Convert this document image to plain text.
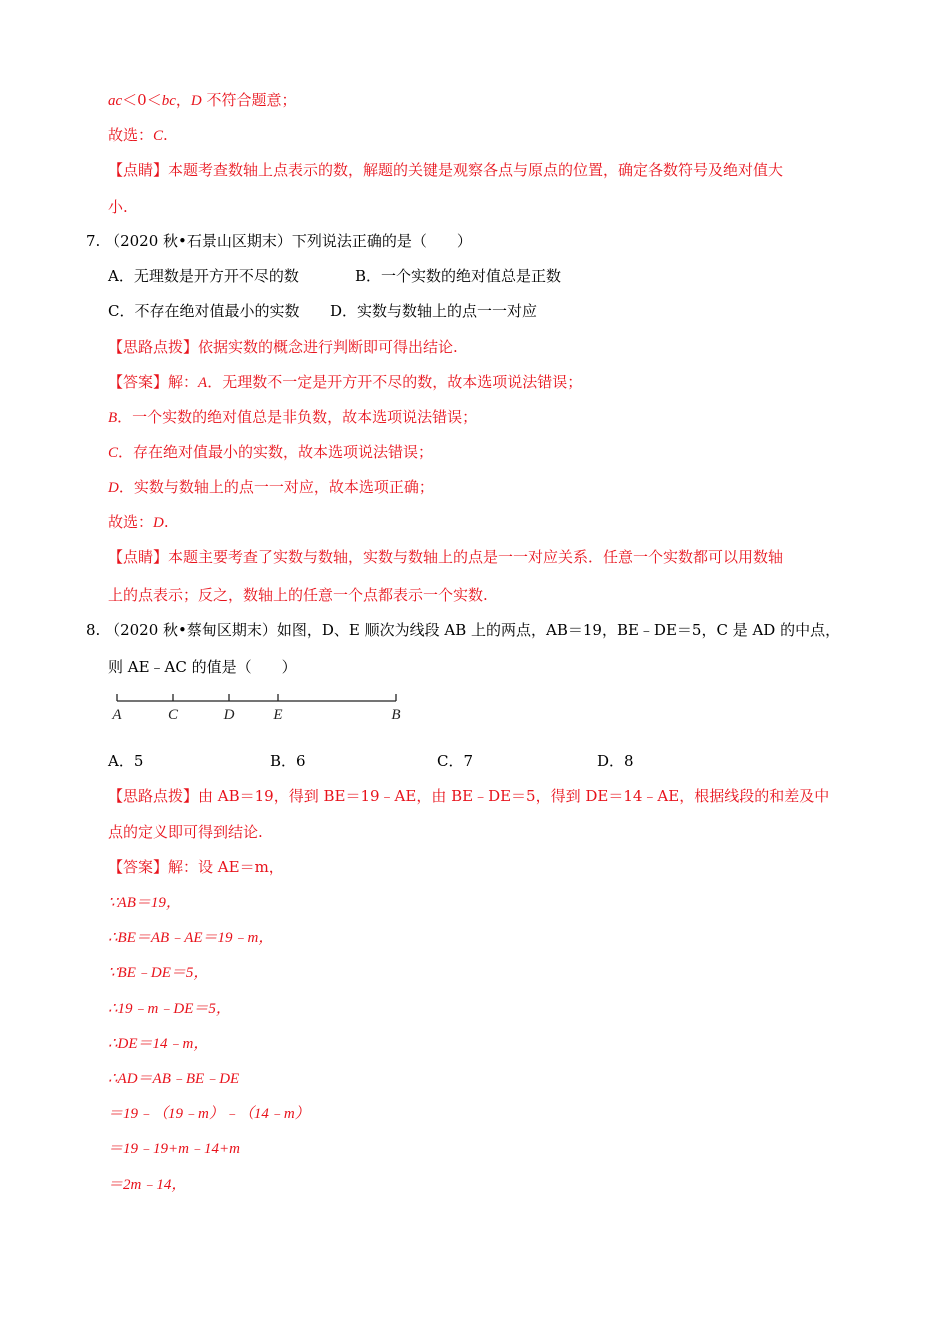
ac＜0＜bc，D 不符合题意；
故选：C.
【点睛】本题考查数轴上点表示的数，解题的关键是观察各点与原点的位置，确定各数符号及绝对值大
小.
7. （2020 秋•石景山区期末）下列说法正确的是（　　）
A．无理数是开方开不尽的数	B．一个实数的绝对值总是正数
C．不存在绝对值最小的实数 D．实数与数轴上的点一一对应
【思路点拨】依据实数的概念进行判断即可得出结论.
【答案】解：A．无理数不一定是开方开不尽的数，故本选项说法错误；
B．一个实数的绝对值总是非负数，故本选项说法错误；
C．存在绝对值最小的实数，故本选项说法错误；
D．实数与数轴上的点一一对应，故本选项正确；
故选：D.
【点睛】本题主要考查了实数与数轴，实数与数轴上的点是一一对应关系．任意一个实数都可以用数轴
上的点表示；反之，数轴上的任意一个点都表示一个实数.
8. （2020 秋•蔡甸区期末）如图，D、E 顺次为线段 AB 上的两点，AB＝19，BE﹣DE＝5，C 是 AD 的中点，
则 AE﹣AC 的值是（　　）
A	C	D	E	B
A．5	B．6	C．7	D．8
【思路点拨】由 AB＝19，得到 BE＝19﹣AE，由 BE﹣DE＝5，得到 DE＝14﹣AE，根据线段的和差及中
点的定义即可得到结论.
【答案】解：设 AE＝m，
∵AB＝19，
∴BE＝AB﹣AE＝19﹣m，
∵BE﹣DE＝5，
∴19﹣m﹣DE＝5，
∴DE＝14﹣m，
∴AD＝AB﹣BE﹣DE
＝19﹣（19﹣m）﹣（14﹣m）
＝19﹣19+m﹣14+m
＝2m﹣14，
